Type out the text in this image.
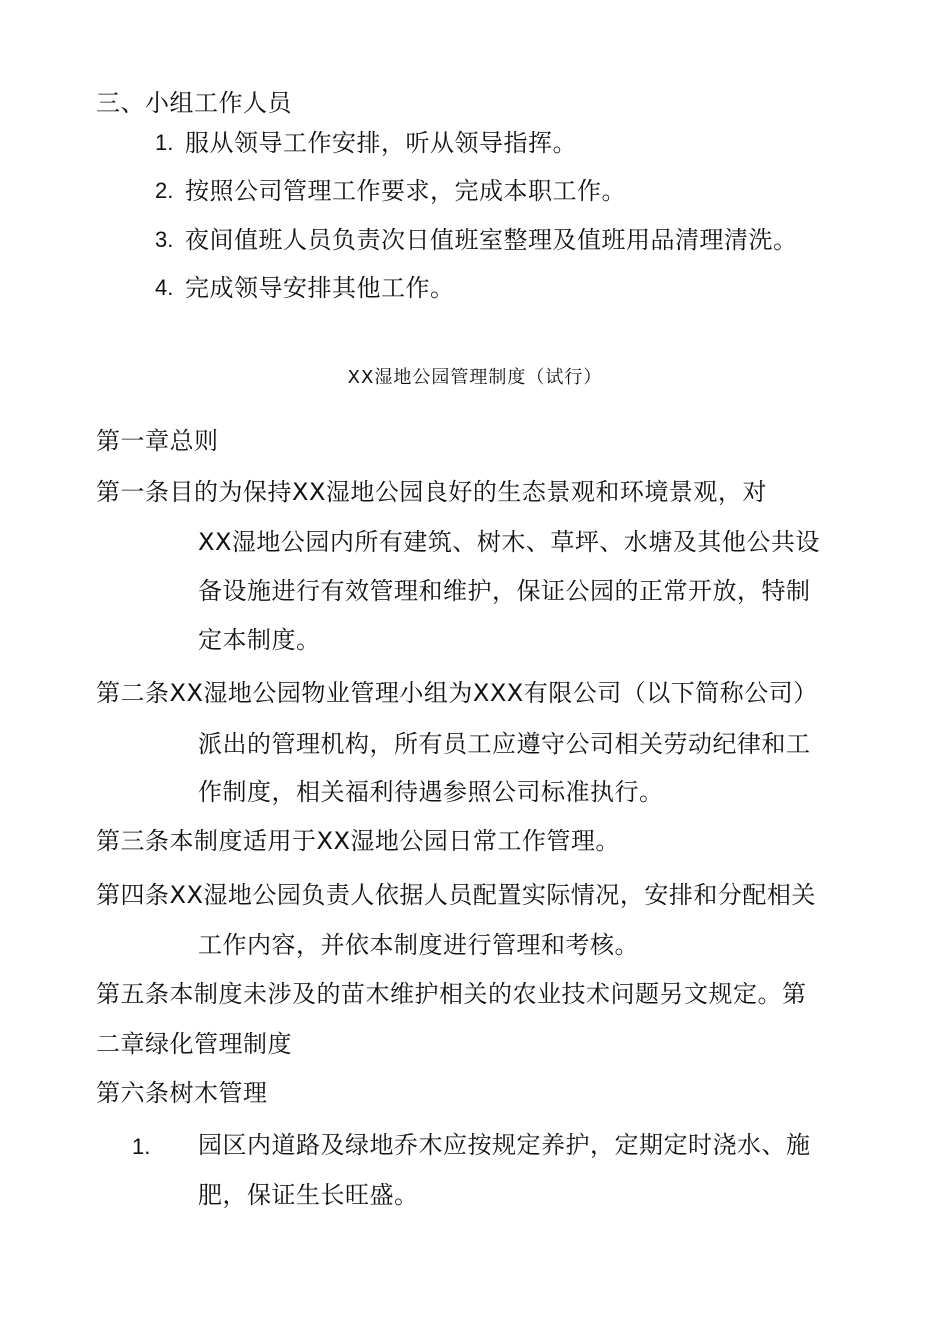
三、小组工作人员
1. 服从领导工作安排，听从领导指挥。
2. 按照公司管理工作要求，完成本职工作。
3. 夜间值班人员负责次日值班室整理及值班用品清理清洗。
4. 完成领导安排其他工作。
XX湿地公园管理制度（试行）
第一章总则
第一条目的为保持XX湿地公园良好的生态景观和环境景观，对
XX湿地公园内所有建筑、树木、草坪、水塘及其他公共设
备设施进行有效管理和维护，保证公园的正常开放，特制
定本制度。
第二条XX湿地公园物业管理小组为XXX有限公司（以下简称公司）
派出的管理机构，所有员工应遵守公司相关劳动纪律和工
作制度，相关福利待遇参照公司标准执行。
第三条本制度适用于XX湿地公园日常工作管理。
第四条XX湿地公园负责人依据人员配置实际情况，安排和分配相关
工作内容，并依本制度进行管理和考核。
第五条本制度未涉及的苗木维护相关的农业技术问题另文规定。第
二章绿化管理制度
第六条树木管理
1. 园区内道路及绿地乔木应按规定养护，定期定时浇水、施
肥，保证生长旺盛。
